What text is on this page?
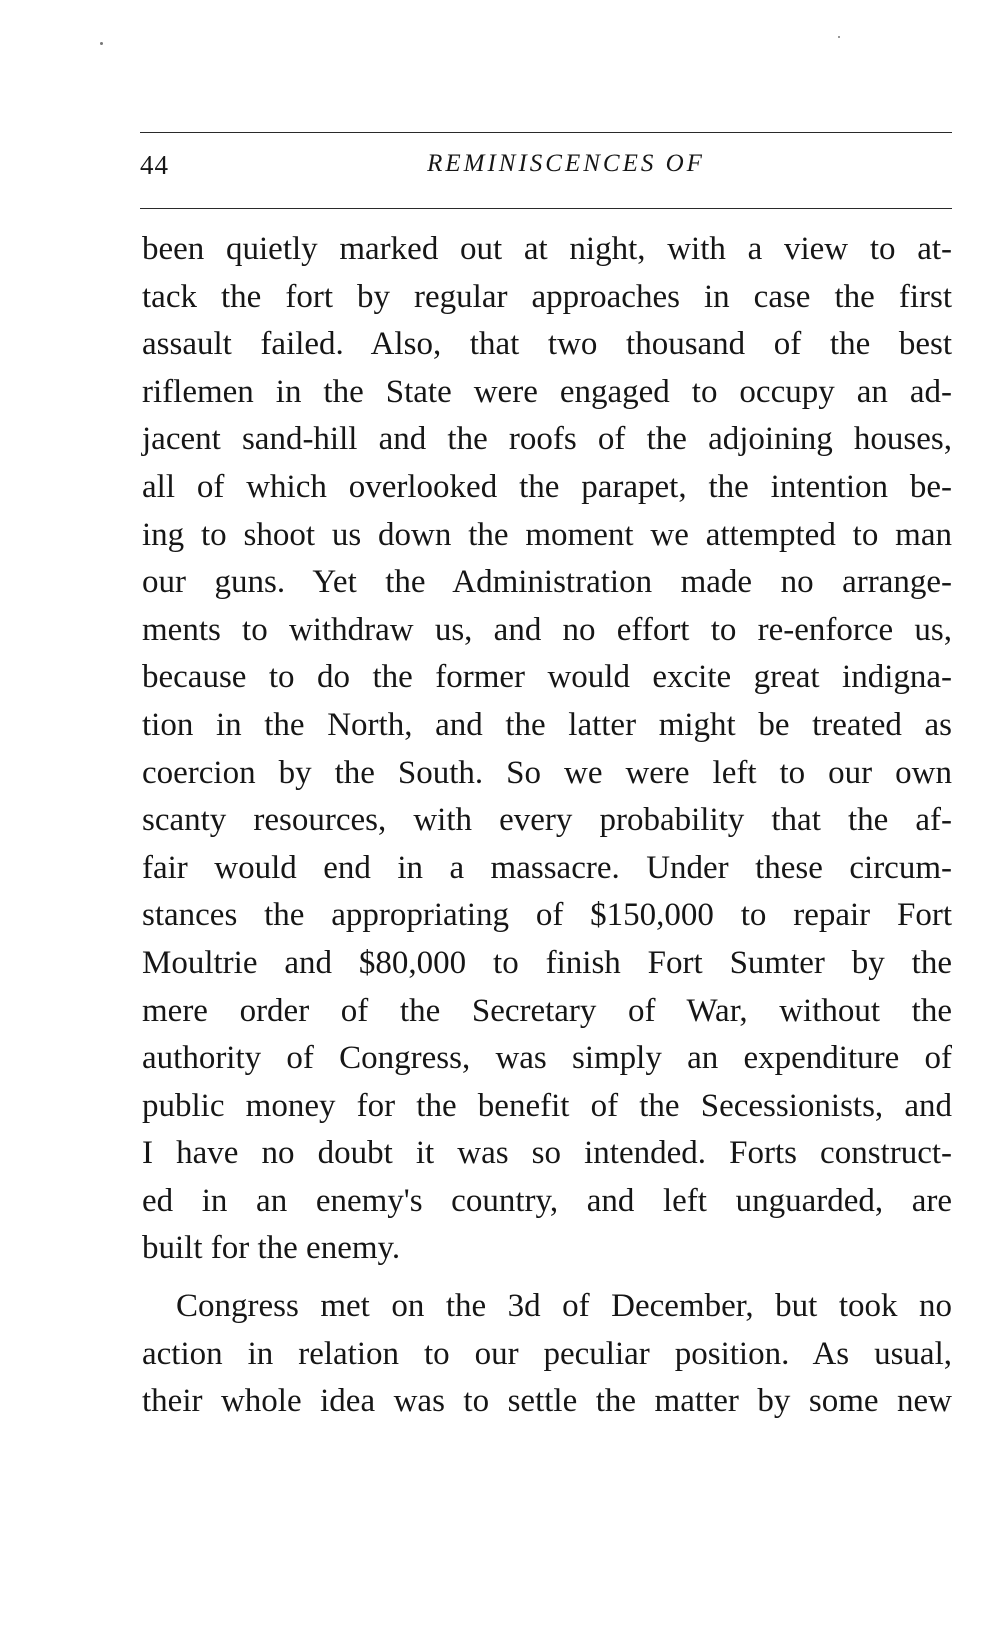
44	REMINISCENCES OF
been quietly marked out at night, with a view to at-
tack the fort by regular approaches in case the first
assault failed. Also, that two thousand of the best
riflemen in the State were engaged to occupy an ad-
jacent sand-hill and the roofs of the adjoining houses,
all of which overlooked the parapet, the intention be-
ing to shoot us down the moment we attempted to man
our guns. Yet the Administration made no arrange-
ments to withdraw us, and no effort to re-enforce us,
because to do the former would excite great indigna-
tion in the North, and the latter might be treated as
coercion by the South. So we were left to our own
scanty resources, with every probability that the af-
fair would end in a massacre. Under these circum-
stances the appropriating of $150,000 to repair Fort
Moultrie and $80,000 to finish Fort Sumter by the
mere order of the Secretary of War, without the
authority of Congress, was simply an expenditure of
public money for the benefit of the Secessionists, and
I have no doubt it was so intended. Forts construct-
ed in an enemy's country, and left unguarded, are
built for the enemy.
Congress met on the 3d of December, but took no
action in relation to our peculiar position. As usual,
their whole idea was to settle the matter by some new
